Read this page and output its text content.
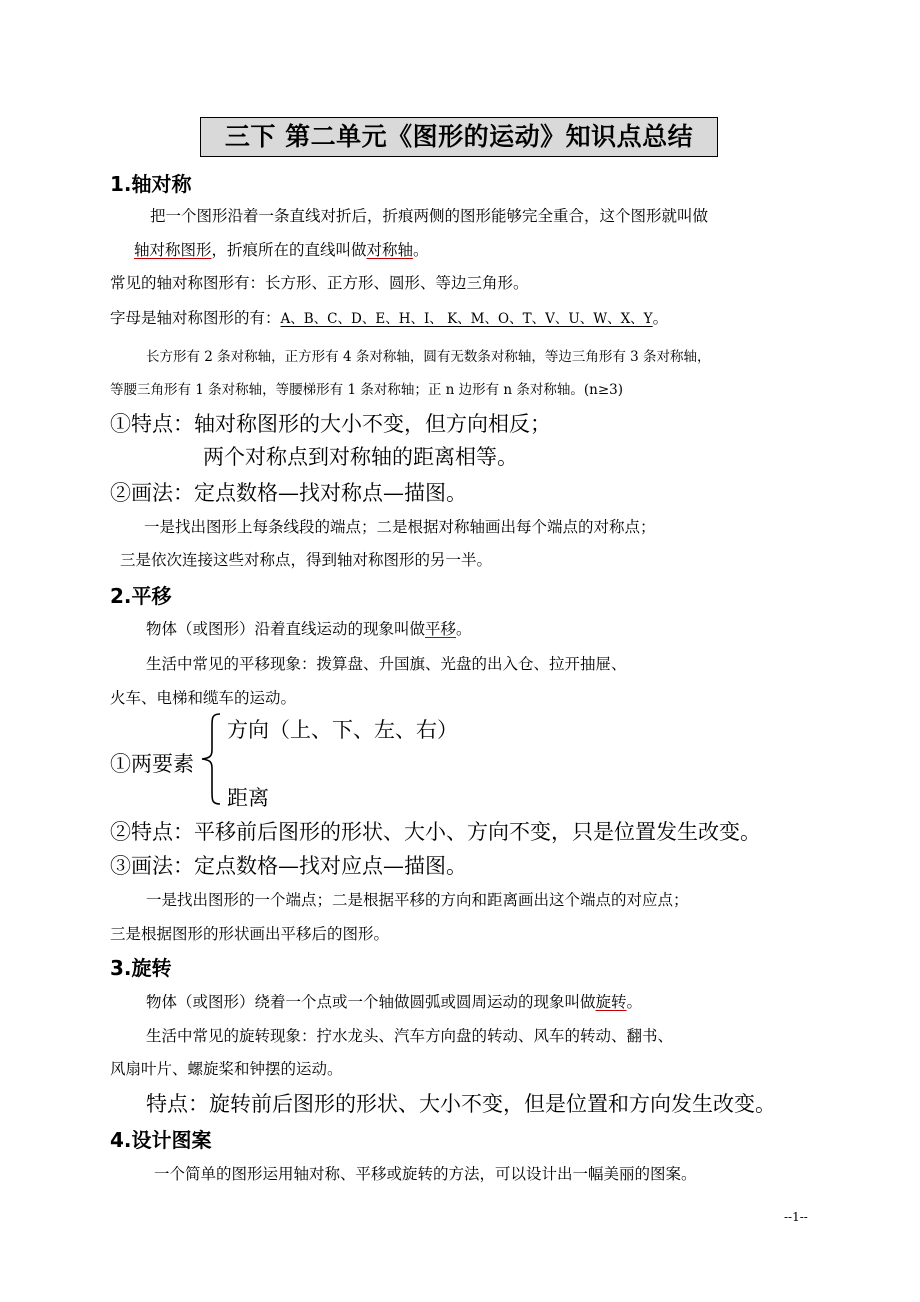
三下 第二单元《图形的运动》知识点总结
1.轴对称
把一个图形沿着一条直线对折后，折痕两侧的图形能够完全重合，这个图形就叫做
轴对称图形，折痕所在的直线叫做对称轴。
常见的轴对称图形有：长方形、正方形、圆形、等边三角形。
字母是轴对称图形的有：A、B、C、D、E、H、I、 K、M、O、T、V、U、W、X、Y。
长方形有 2 条对称轴，正方形有 4 条对称轴，圆有无数条对称轴，等边三角形有 3 条对称轴，
等腰三角形有 1 条对称轴，等腰梯形有 1 条对称轴；正 n 边形有 n 条对称轴。(n≥3)
①特点：轴对称图形的大小不变，但方向相反；
两个对称点到对称轴的距离相等。
②画法：定点数格—找对称点—描图。
一是找出图形上每条线段的端点；二是根据对称轴画出每个端点的对称点；
三是依次连接这些对称点，得到轴对称图形的另一半。
2.平移
物体（或图形）沿着直线运动的现象叫做平移。
生活中常见的平移现象：拨算盘、升国旗、光盘的出入仓、拉开抽屉、
火车、电梯和缆车的运动。
方向（上、下、左、右）
①两要素
距离
②特点：平移前后图形的形状、大小、方向不变，只是位置发生改变。
③画法：定点数格—找对应点—描图。
一是找出图形的一个端点；二是根据平移的方向和距离画出这个端点的对应点；
三是根据图形的形状画出平移后的图形。
3.旋转
物体（或图形）绕着一个点或一个轴做圆弧或圆周运动的现象叫做旋转。
生活中常见的旋转现象：拧水龙头、汽车方向盘的转动、风车的转动、翻书、
风扇叶片、螺旋桨和钟摆的运动。
特点：旋转前后图形的形状、大小不变，但是位置和方向发生改变。
4.设计图案
一个简单的图形运用轴对称、平移或旋转的方法，可以设计出一幅美丽的图案。
--1--
